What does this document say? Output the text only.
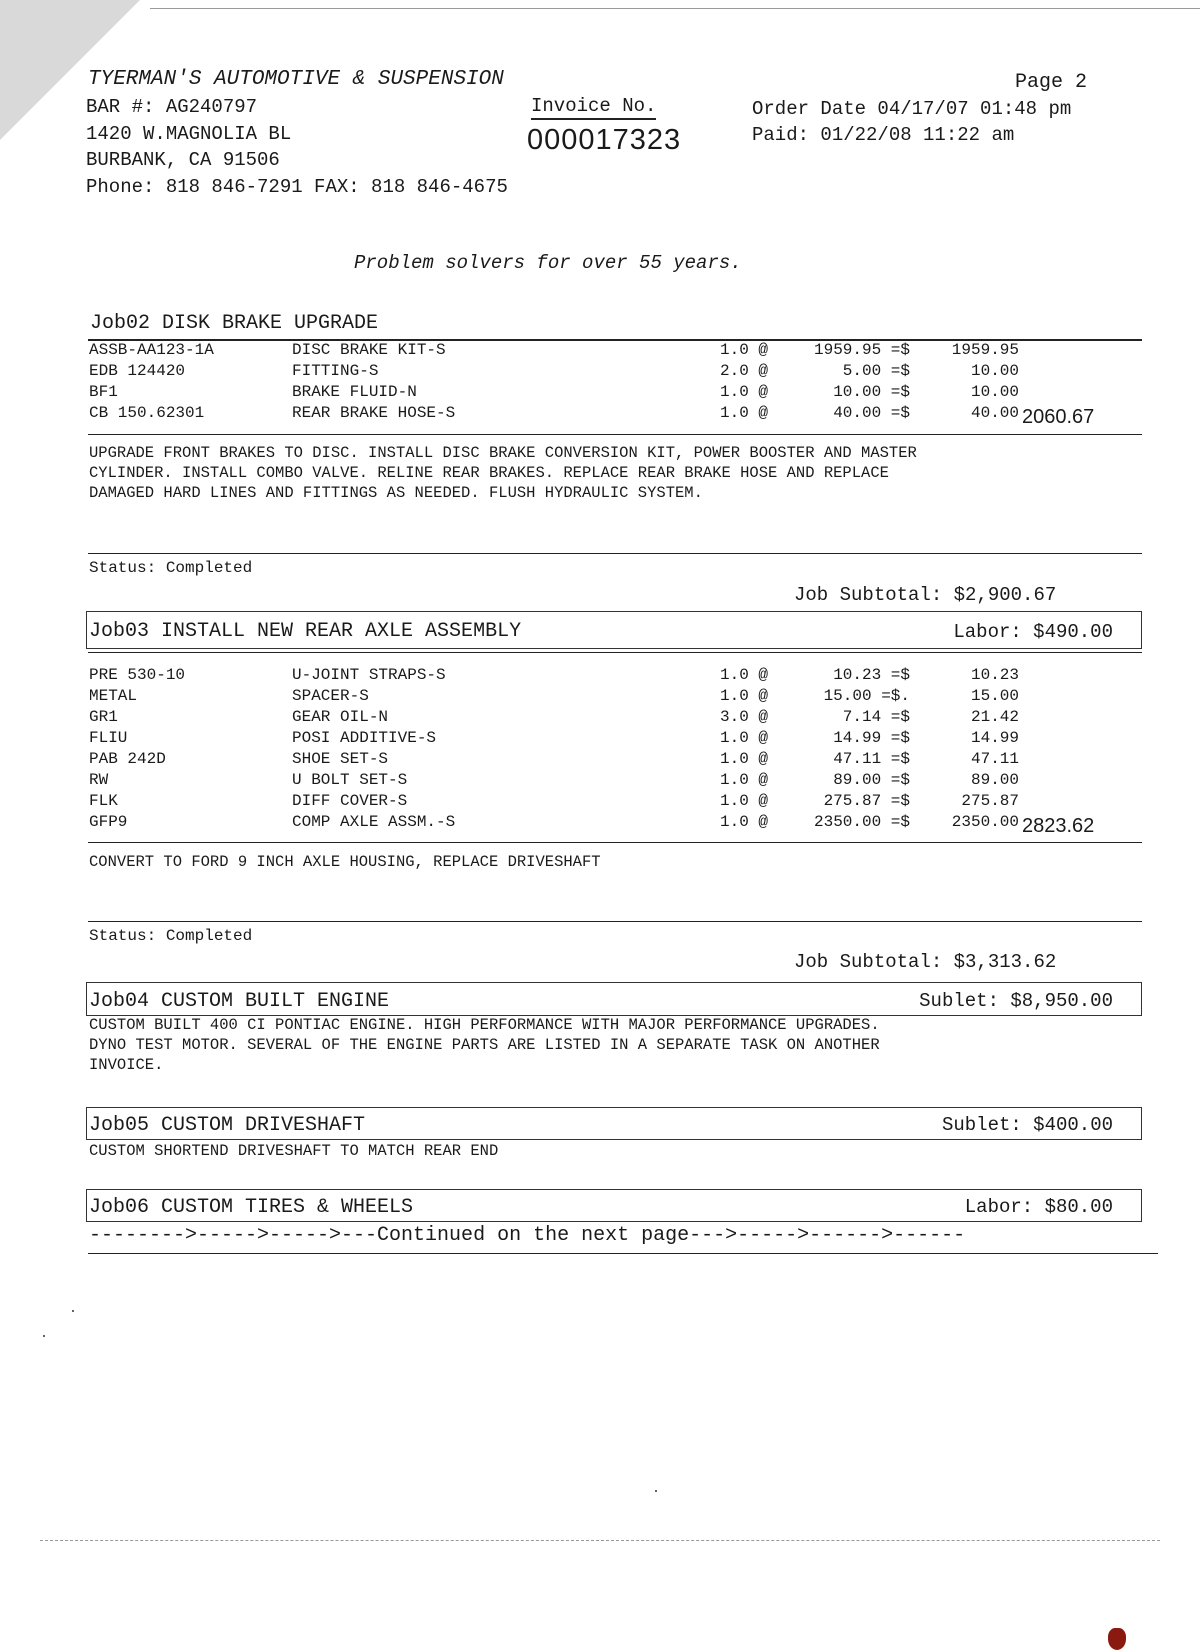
TYERMAN'S AUTOMOTIVE & SUSPENSION
BAR #: AG240797
1420 W.MAGNOLIA BL
BURBANK, CA 91506
Phone: 818 846-7291 FAX: 818 846-4675
Invoice No.
000017323
Page 2
Order Date 04/17/07 01:48 pm
Paid: 01/22/08 11:22 am
Problem solvers for over 55 years.
Job02 DISK BRAKE UPGRADE
ASSB-AA123-1A	DISC BRAKE KIT-S	1.0 @	1959.95 =$	1959.95
EDB 124420	FITTING-S	2.0 @	5.00 =$	10.00
BF1	BRAKE FLUID-N	1.0 @	10.00 =$	10.00
CB 150.62301	REAR BRAKE HOSE-S	1.0 @	40.00 =$	40.00 2060.67
UPGRADE FRONT BRAKES TO DISC. INSTALL DISC BRAKE CONVERSION KIT, POWER BOOSTER AND MASTER
CYLINDER. INSTALL COMBO VALVE. RELINE REAR BRAKES. REPLACE REAR BRAKE HOSE AND REPLACE
DAMAGED HARD LINES AND FITTINGS AS NEEDED. FLUSH HYDRAULIC SYSTEM.
Status: Completed
Job Subtotal: $2,900.67
Job03 INSTALL NEW REAR AXLE ASSEMBLY	Labor: $490.00
PRE 530-10	U-JOINT STRAPS-S	1.0 @	10.23 =$	10.23
METAL	SPACER-S	1.0 @	15.00 =$.	15.00
GR1	GEAR OIL-N	3.0 @	7.14 =$	21.42
FLIU	POSI ADDITIVE-S	1.0 @	14.99 =$	14.99
PAB 242D	SHOE SET-S	1.0 @	47.11 =$	47.11
RW	U BOLT SET-S	1.0 @	89.00 =$	89.00
FLK	DIFF COVER-S	1.0 @	275.87 =$	275.87
GFP9	COMP AXLE ASSM.-S	1.0 @	2350.00 =$	2350.00 2823.62
CONVERT TO FORD 9 INCH AXLE HOUSING, REPLACE DRIVESHAFT
Status: Completed
Job Subtotal: $3,313.62
Job04 CUSTOM BUILT ENGINE	Sublet: $8,950.00
CUSTOM BUILT 400 CI PONTIAC ENGINE. HIGH PERFORMANCE WITH MAJOR PERFORMANCE UPGRADES.
DYNO TEST MOTOR. SEVERAL OF THE ENGINE PARTS ARE LISTED IN A SEPARATE TASK ON ANOTHER
INVOICE.
Job05 CUSTOM DRIVESHAFT	Sublet: $400.00
CUSTOM SHORTEND DRIVESHAFT TO MATCH REAR END
Job06 CUSTOM TIRES & WHEELS	Labor: $80.00
-------->----->----->---Continued on the next page--->----->------>------
